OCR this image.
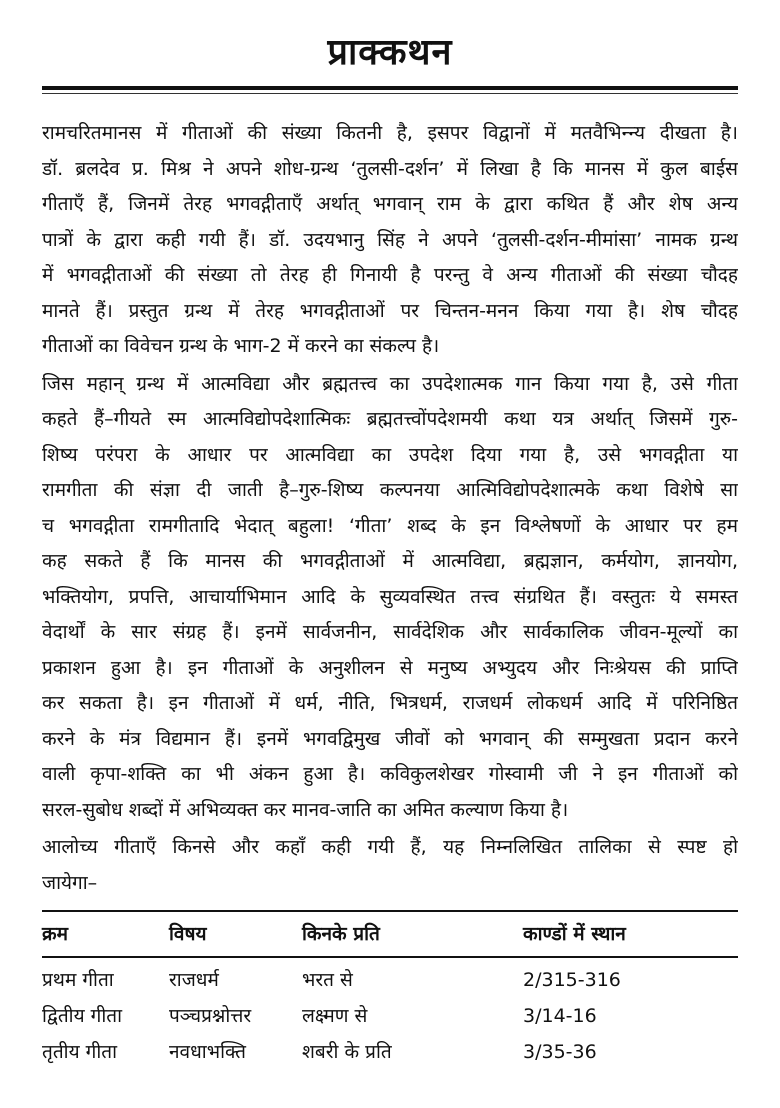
प्राक्कथन
रामचरितमानस में गीताओं की संख्या कितनी है, इसपर विद्वानों में मतवैभिन्न्य दीखता है।
डॉ. ब्रलदेव प्र. मिश्र ने अपने शोध-ग्रन्थ ‘तुलसी-दर्शन’ में लिखा है कि मानस में कुल बाईस
गीताएँ हैं, जिनमें तेरह भगवद्गीताएँ अर्थात् भगवान् राम के द्वारा कथित हैं और शेष अन्य
पात्रों के द्वारा कही गयी हैं। डॉ. उदयभानु सिंह ने अपने ‘तुलसी-दर्शन-मीमांसा’ नामक ग्रन्थ
में भगवद्गीताओं की संख्या तो तेरह ही गिनायी है परन्तु वे अन्य गीताओं की संख्या चौदह
मानते हैं। प्रस्तुत ग्रन्थ में तेरह भगवद्गीताओं पर चिन्तन-मनन किया गया है। शेष चौदह
गीताओं का विवेचन ग्रन्थ के भाग-2 में करने का संकल्प है।
जिस महान् ग्रन्थ में आत्मविद्या और ब्रह्मतत्त्व का उपदेशात्मक गान किया गया है, उसे गीता
कहते हैं–गीयते स्म आत्मविद्योपदेशात्मिकः ब्रह्मतत्त्वोंपदेशमयी कथा यत्र अर्थात् जिसमें गुरु-
शिष्य परंपरा के आधार पर आत्मविद्या का उपदेश दिया गया है, उसे भगवद्गीता या
रामगीता की संज्ञा दी जाती है–गुरु-शिष्य कल्पनया आत्मिविद्योपदेशात्मके कथा विशेषे सा
च भगवद्गीता रामगीतादि भेदात् बहुला! ‘गीता’ शब्द के इन विश्लेषणों के आधार पर हम
कह सकते हैं कि मानस की भगवद्गीताओं में आत्मविद्या, ब्रह्मज्ञान, कर्मयोग, ज्ञानयोग,
भक्तियोग, प्रपत्ति, आचार्याभिमान आदि के सुव्यवस्थित तत्त्व संग्रथित हैं। वस्तुतः ये समस्त
वेदार्थों के सार संग्रह हैं। इनमें सार्वजनीन, सार्वदेशिक और सार्वकालिक जीवन-मूल्यों का
प्रकाशन हुआ है। इन गीताओं के अनुशीलन से मनुष्य अभ्युदय और निःश्रेयस की प्राप्ति
कर सकता है। इन गीताओं में धर्म, नीति, भित्रधर्म, राजधर्म लोकधर्म आदि में परिनिष्ठित
करने के मंत्र विद्यमान हैं। इनमें भगवद्विमुख जीवों को भगवान् की सम्मुखता प्रदान करने
वाली कृपा-शक्ति का भी अंकन हुआ है। कविकुलशेखर गोस्वामी जी ने इन गीताओं को
सरल-सुबोध शब्दों में अभिव्यक्त कर मानव-जाति का अमित कल्याण किया है।
आलोच्य गीताएँ किनसे और कहाँ कही गयी हैं, यह निम्नलिखित तालिका से स्पष्ट हो
जायेगा–
क्रम	विषय	किनके प्रति	काण्डों में स्थान
प्रथम गीता	राजधर्म	भरत से	2/315-316
द्वितीय गीता	पञ्चप्रश्नोत्तर	लक्ष्मण से	3/14-16
तृतीय गीता	नवधाभक्ति	शबरी के प्रति	3/35-36
